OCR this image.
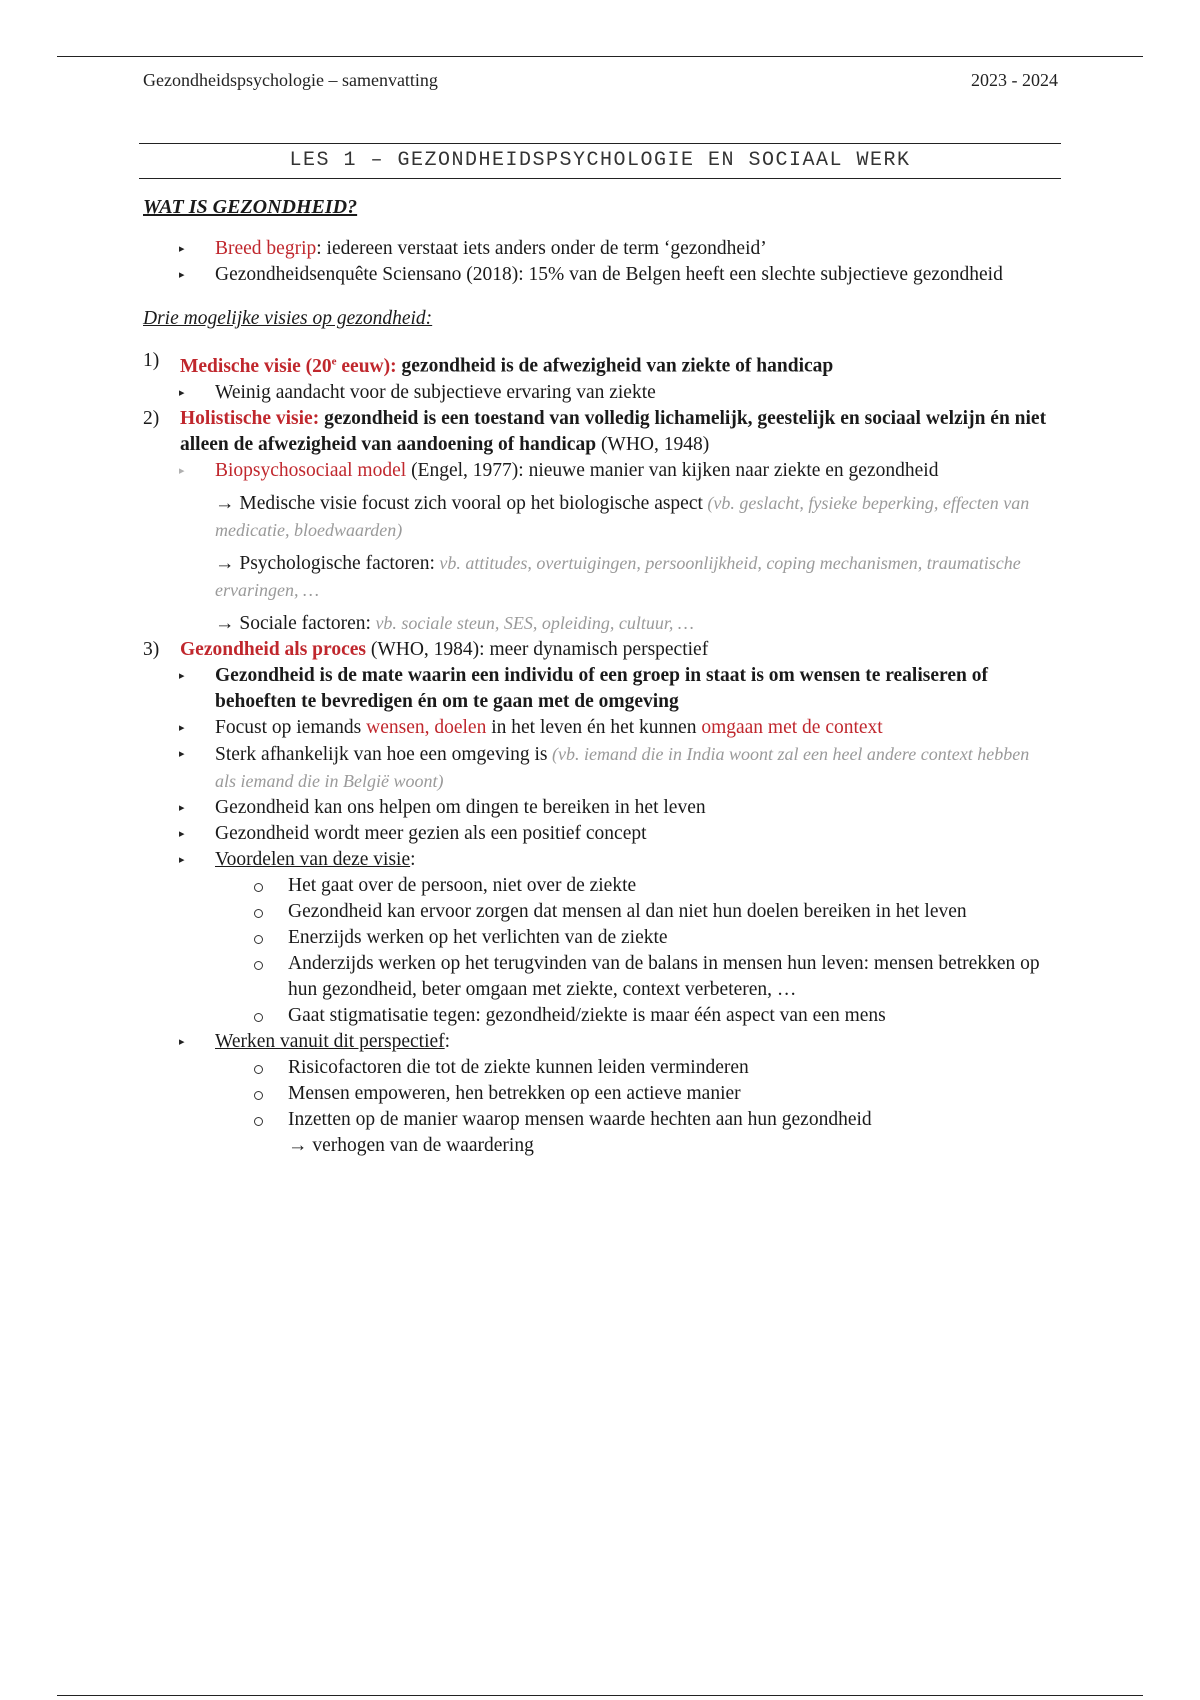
Gezondheidspsychologie – samenvatting	2023 - 2024
LES 1 – GEZONDHEIDSPSYCHOLOGIE EN SOCIAAL WERK
WAT IS GEZONDHEID?
▸ Breed begrip: iedereen verstaat iets anders onder de term ‘gezondheid’
▸ Gezondheidsenquête Sciensano (2018): 15% van de Belgen heeft een slechte subjectieve gezondheid
Drie mogelijke visies op gezondheid:
1) Medische visie (20e eeuw): gezondheid is de afwezigheid van ziekte of handicap
▸ Weinig aandacht voor de subjectieve ervaring van ziekte
2) Holistische visie: gezondheid is een toestand van volledig lichamelijk, geestelijk en sociaal welzijn én niet alleen de afwezigheid van aandoening of handicap (WHO, 1948)
▸ Biopsychosociaal model (Engel, 1977): nieuwe manier van kijken naar ziekte en gezondheid
→ Medische visie focust zich vooral op het biologische aspect (vb. geslacht, fysieke beperking, effecten van medicatie, bloedwaarden)
→ Psychologische factoren: vb. attitudes, overtuigingen, persoonlijkheid, coping mechanismen, traumatische ervaringen, …
→ Sociale factoren: vb. sociale steun, SES, opleiding, cultuur, …
3) Gezondheid als proces (WHO, 1984): meer dynamisch perspectief
▸ Gezondheid is de mate waarin een individu of een groep in staat is om wensen te realiseren of behoeften te bevredigen én om te gaan met de omgeving
▸ Focust op iemands wensen, doelen in het leven én het kunnen omgaan met de context
▸ Sterk afhankelijk van hoe een omgeving is (vb. iemand die in India woont zal een heel andere context hebben als iemand die in België woont)
▸ Gezondheid kan ons helpen om dingen te bereiken in het leven
▸ Gezondheid wordt meer gezien als een positief concept
▸ Voordelen van deze visie:
Het gaat over de persoon, niet over de ziekte
Gezondheid kan ervoor zorgen dat mensen al dan niet hun doelen bereiken in het leven
Enerzijds werken op het verlichten van de ziekte
Anderzijds werken op het terugvinden van de balans in mensen hun leven: mensen betrekken op hun gezondheid, beter omgaan met ziekte, context verbeteren, …
Gaat stigmatisatie tegen: gezondheid/ziekte is maar één aspect van een mens
▸ Werken vanuit dit perspectief:
Risicofactoren die tot de ziekte kunnen leiden verminderen
Mensen empoweren, hen betrekken op een actieve manier
Inzetten op de manier waarop mensen waarde hechten aan hun gezondheid
→ verhogen van de waardering
